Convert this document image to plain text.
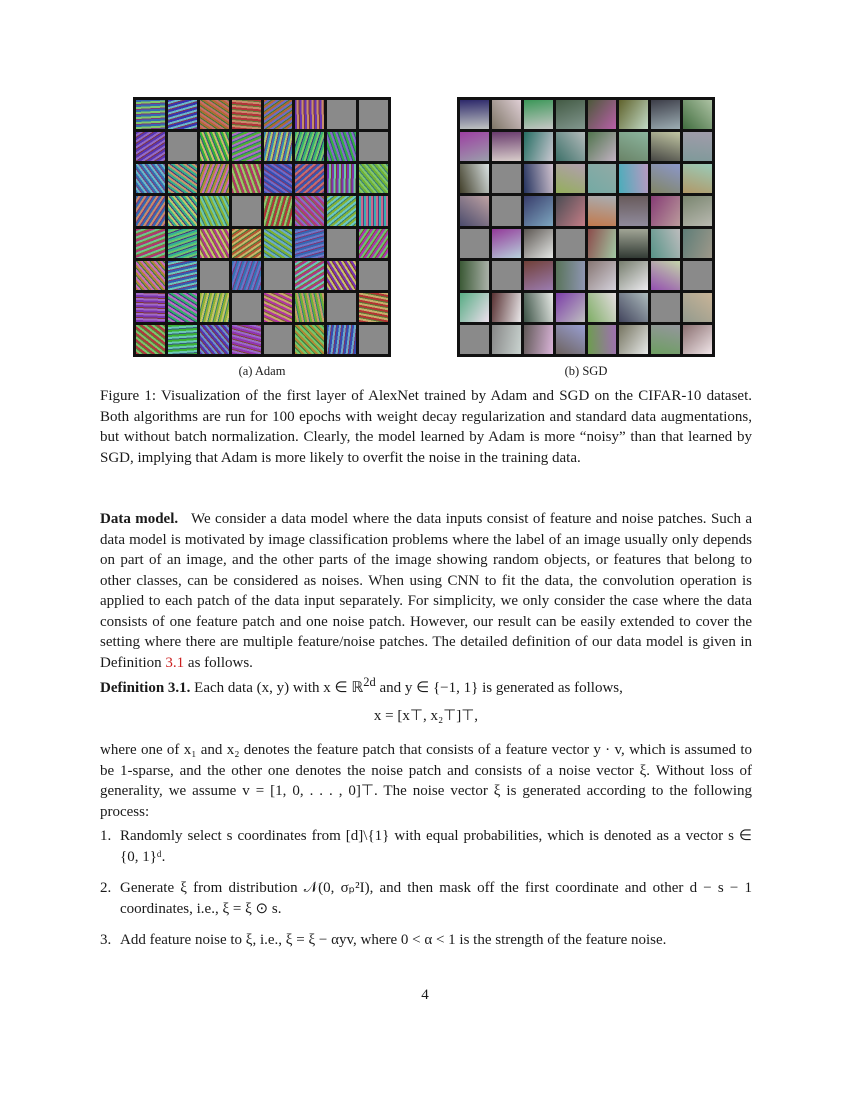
(a) Adam	(b) SGD
Figure 1: Visualization of the first layer of AlexNet trained by Adam and SGD on the CIFAR-10 dataset. Both algorithms are run for 100 epochs with weight decay regularization and standard data augmentations, but without batch normalization. Clearly, the model learned by Adam is more “noisy” than that learned by SGD, implying that Adam is more likely to overfit the noise in the training data.
Data model. We consider a data model where the data inputs consist of feature and noise patches. Such a data model is motivated by image classification problems where the label of an image usually only depends on part of an image, and the other parts of the image showing random objects, or features that belong to other classes, can be considered as noises. When using CNN to fit the data, the convolution operation is applied to each patch of the data input separately. For simplicity, we only consider the case where the data consists of one feature patch and one noise patch. However, our result can be easily extended to cover the setting where there are multiple feature/noise patches. The detailed definition of our data model is given in Definition 3.1 as follows.
Definition 3.1. Each data (x, y) with x ∈ ℝ$^{2d}$ and y ∈ {−1, 1} is generated as follows,
x = [x⊤, x₂⊤]⊤,
where one of x₁ and x₂ denotes the feature patch that consists of a feature vector y · v, which is assumed to be 1-sparse, and the other one denotes the noise patch and consists of a noise vector ξ. Without loss of generality, we assume v = [1, 0, . . . , 0]⊤. The noise vector ξ is generated according to the following process:
1. Randomly select s coordinates from [d]\{1} with equal probabilities, which is denoted as a vector s ∈ {0, 1}ᵈ.
2. Generate ξ from distribution 𝒩(0, σₚ²I), and then mask off the first coordinate and other d − s − 1 coordinates, i.e., ξ = ξ ⊙ s.
3. Add feature noise to ξ, i.e., ξ = ξ − αyv, where 0 < α < 1 is the strength of the feature noise.
4
